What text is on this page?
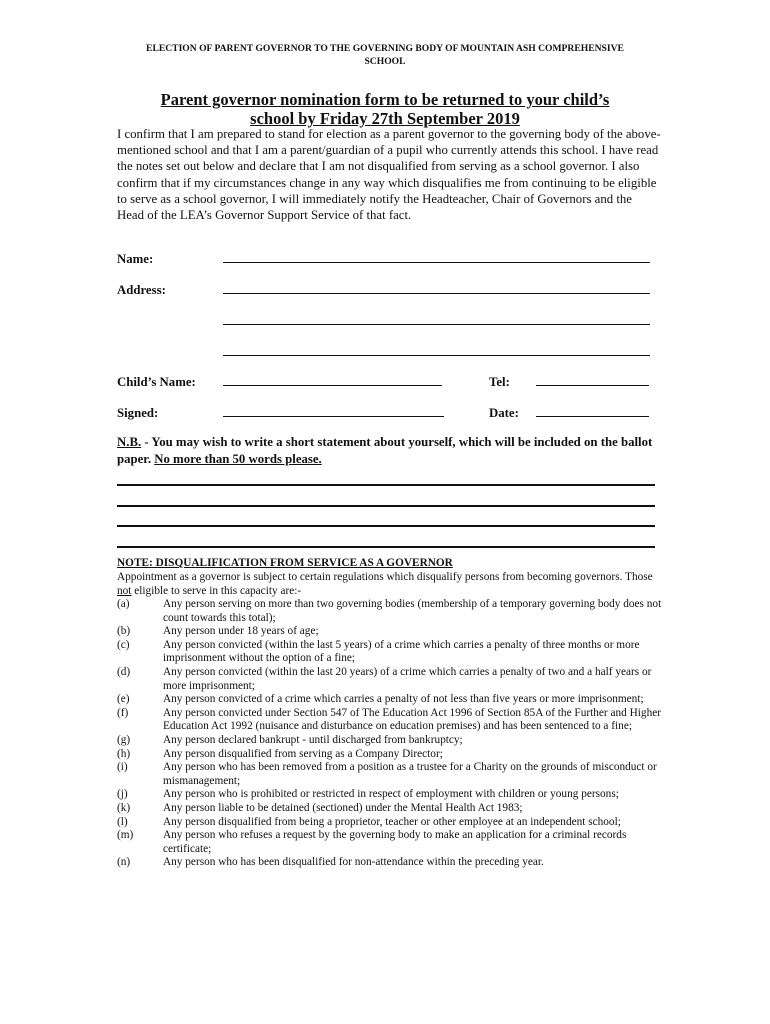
ELECTION OF PARENT GOVERNOR TO THE GOVERNING BODY OF MOUNTAIN ASH COMPREHENSIVE
SCHOOL
Parent governor nomination form to be returned to your child’s
school by Friday 27th September 2019
I confirm that I am prepared to stand for election as a parent governor to the governing body of the above-mentioned school and that I am a parent/guardian of a pupil who currently attends this school. I have read the notes set out below and declare that I am not disqualified from serving as a school governor. I also confirm that if my circumstances change in any way which disqualifies me from continuing to be eligible to serve as a school governor, I will immediately notify the Headteacher, Chair of Governors and the Head of the LEA’s Governor Support Service of that fact.
Name:
Address:
Child’s Name:	Tel:
Signed:	Date:
N.B. - You may wish to write a short statement about yourself, which will be included on the ballot paper. No more than 50 words please.
NOTE: DISQUALIFICATION FROM SERVICE AS A GOVERNOR
Appointment as a governor is subject to certain regulations which disqualify persons from becoming governors. Those not eligible to serve in this capacity are:-
(a)	Any person serving on more than two governing bodies (membership of a temporary governing body does not count towards this total);
(b)	Any person under 18 years of age;
(c)	Any person convicted (within the last 5 years) of a crime which carries a penalty of three months or more imprisonment without the option of a fine;
(d)	Any person convicted (within the last 20 years) of a crime which carries a penalty of two and a half years or more imprisonment;
(e)	Any person convicted of a crime which carries a penalty of not less than five years or more imprisonment;
(f)	Any person convicted under Section 547 of The Education Act 1996 of Section 85A of the Further and Higher Education Act 1992 (nuisance and disturbance on education premises) and has been sentenced to a fine;
(g)	Any person declared bankrupt - until discharged from bankruptcy;
(h)	Any person disqualified from serving as a Company Director;
(i)	Any person who has been removed from a position as a trustee for a Charity on the grounds of misconduct or mismanagement;
(j)	Any person who is prohibited or restricted in respect of employment with children or young persons;
(k)	Any person liable to be detained (sectioned) under the Mental Health Act 1983;
(l)	Any person disqualified from being a proprietor, teacher or other employee at an independent school;
(m)	Any person who refuses a request by the governing body to make an application for a criminal records certificate;
(n)	Any person who has been disqualified for non-attendance within the preceding year.
